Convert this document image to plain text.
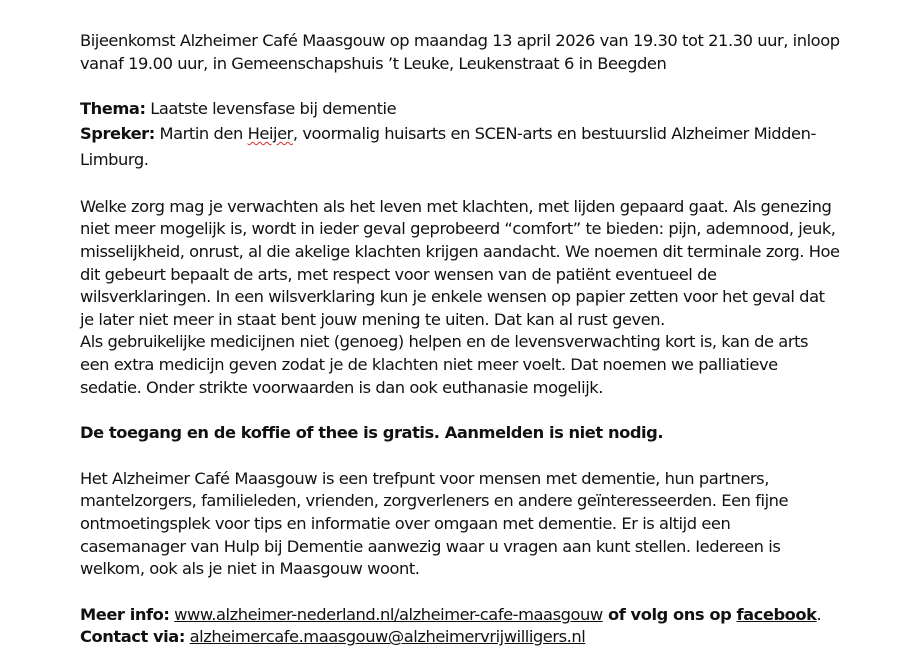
Bijeenkomst Alzheimer Café Maasgouw op maandag 13 april 2026 van 19.30 tot 21.30 uur, inloop vanaf 19.00 uur, in Gemeenschapshuis ’t Leuke, Leukenstraat 6 in Beegden

Thema: Laatste levensfase bij dementie

Spreker: Martin den Heijer, voormalig huisarts en SCEN-arts en bestuurslid Alzheimer Midden-Limburg.

Welke zorg mag je verwachten als het leven met klachten, met lijden gepaard gaat. Als genezing niet meer mogelijk is, wordt in ieder geval geprobeerd “comfort” te bieden: pijn, ademnood, jeuk, misselijkheid, onrust, al die akelige klachten krijgen aandacht. We noemen dit terminale zorg. Hoe dit gebeurt bepaalt de arts, met respect voor wensen van de patiënt eventueel de wilsverklaringen. In een wilsverklaring kun je enkele wensen op papier zetten voor het geval dat je later niet meer in staat bent jouw mening te uiten. Dat kan al rust geven.

Als gebruikelijke medicijnen niet (genoeg) helpen en de levensverwachting kort is, kan de arts een extra medicijn geven zodat je de klachten niet meer voelt. Dat noemen we palliatieve sedatie. Onder strikte voorwaarden is dan ook euthanasie mogelijk.

De toegang en de koffie of thee is gratis. Aanmelden is niet nodig.

Het Alzheimer Café Maasgouw is een trefpunt voor mensen met dementie, hun partners, mantelzorgers, familieleden, vrienden, zorgverleners en andere geïnteresseerden. Een fijne ontmoetingsplek voor tips en informatie over omgaan met dementie. Er is altijd een casemanager van Hulp bij Dementie aanwezig waar u vragen aan kunt stellen. Iedereen is welkom, ook als je niet in Maasgouw woont.

Meer info: www.alzheimer-nederland.nl/alzheimer-cafe-maasgouw of volg ons op facebook.

Contact via: alzheimercafe.maasgouw@alzheimervrijwilligers.nl
